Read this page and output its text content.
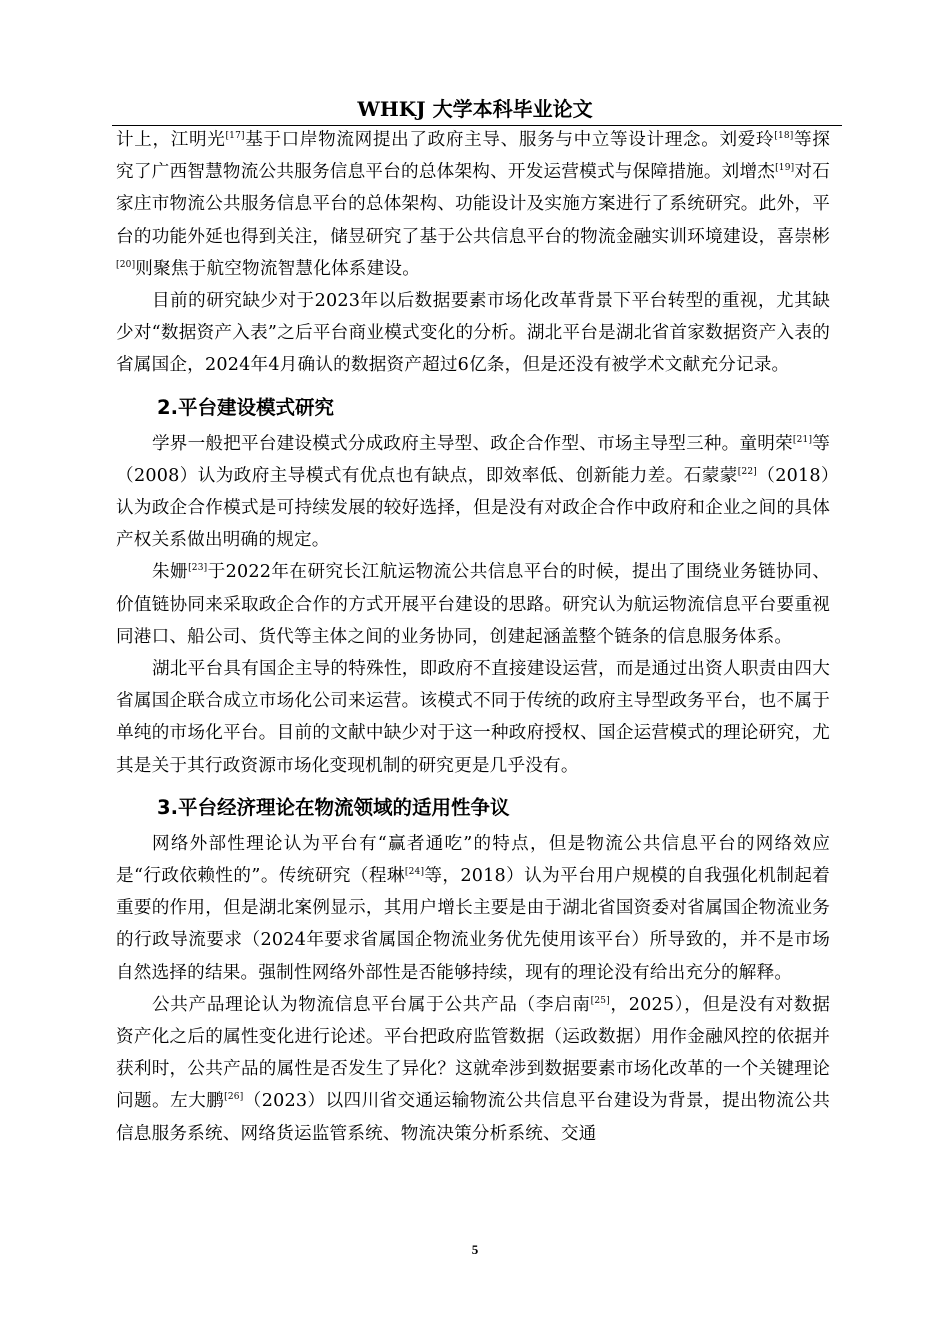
WHKJ 大学本科毕业论文

计上，江明光[17]基于口岸物流网提出了政府主导、服务与中立等设计理念。刘爱玲[18]等探究了广西智慧物流公共服务信息平台的总体架构、开发运营模式与保障措施。刘增杰[19]对石家庄市物流公共服务信息平台的总体架构、功能设计及实施方案进行了系统研究。此外，平台的功能外延也得到关注，储昱研究了基于公共信息平台的物流金融实训环境建设，喜崇彬[20]则聚焦于航空物流智慧化体系建设。

目前的研究缺少对于2023年以后数据要素市场化改革背景下平台转型的重视，尤其缺少对“数据资产入表”之后平台商业模式变化的分析。湖北平台是湖北省首家数据资产入表的省属国企，2024年4月确认的数据资产超过6亿条，但是还没有被学术文献充分记录。

2.平台建设模式研究

学界一般把平台建设模式分成政府主导型、政企合作型、市场主导型三种。童明荣[21]等（2008）认为政府主导模式有优点也有缺点，即效率低、创新能力差。石蒙蒙[22]（2018）认为政企合作模式是可持续发展的较好选择，但是没有对政企合作中政府和企业之间的具体产权关系做出明确的规定。

朱姗[23]于2022年在研究长江航运物流公共信息平台的时候，提出了围绕业务链协同、价值链协同来采取政企合作的方式开展平台建设的思路。研究认为航运物流信息平台要重视同港口、船公司、货代等主体之间的业务协同，创建起涵盖整个链条的信息服务体系。

湖北平台具有国企主导的特殊性，即政府不直接建设运营，而是通过出资人职责由四大省属国企联合成立市场化公司来运营。该模式不同于传统的政府主导型政务平台，也不属于单纯的市场化平台。目前的文献中缺少对于这一种政府授权、国企运营模式的理论研究，尤其是关于其行政资源市场化变现机制的研究更是几乎没有。

3.平台经济理论在物流领域的适用性争议

网络外部性理论认为平台有“赢者通吃”的特点，但是物流公共信息平台的网络效应是“行政依赖性的”。传统研究（程琳[24]等，2018）认为平台用户规模的自我强化机制起着重要的作用，但是湖北案例显示，其用户增长主要是由于湖北省国资委对省属国企物流业务的行政导流要求（2024年要求省属国企物流业务优先使用该平台）所导致的，并不是市场自然选择的结果。强制性网络外部性是否能够持续，现有的理论没有给出充分的解释。

公共产品理论认为物流信息平台属于公共产品（李启南[25]，2025），但是没有对数据资产化之后的属性变化进行论述。平台把政府监管数据（运政数据）用作金融风控的依据并获利时，公共产品的属性是否发生了异化？这就牵涉到数据要素市场化改革的一个关键理论问题。左大鹏[26]（2023）以四川省交通运输物流公共信息平台建设为背景，提出物流公共信息服务系统、网络货运监管系统、物流决策分析系统、交通

5
